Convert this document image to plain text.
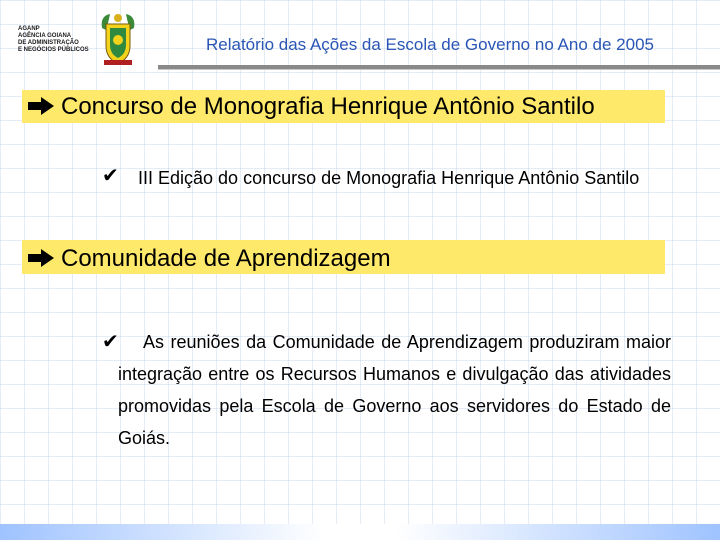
AGANP
AGÊNCIA GOIANA
DE ADMINISTRAÇÃO
E NEGÓCIOS PÚBLICOS	Relatório das Ações da Escola de Governo no Ano de 2005
Concurso de Monografia Henrique Antônio Santilo
✔	III Edição do concurso de Monografia Henrique Antônio Santilo
Comunidade de Aprendizagem
✔	As reuniões da Comunidade de Aprendizagem produziram maior integração entre os Recursos Humanos e divulgação das atividades promovidas pela Escola de Governo aos servidores do Estado de Goiás.
